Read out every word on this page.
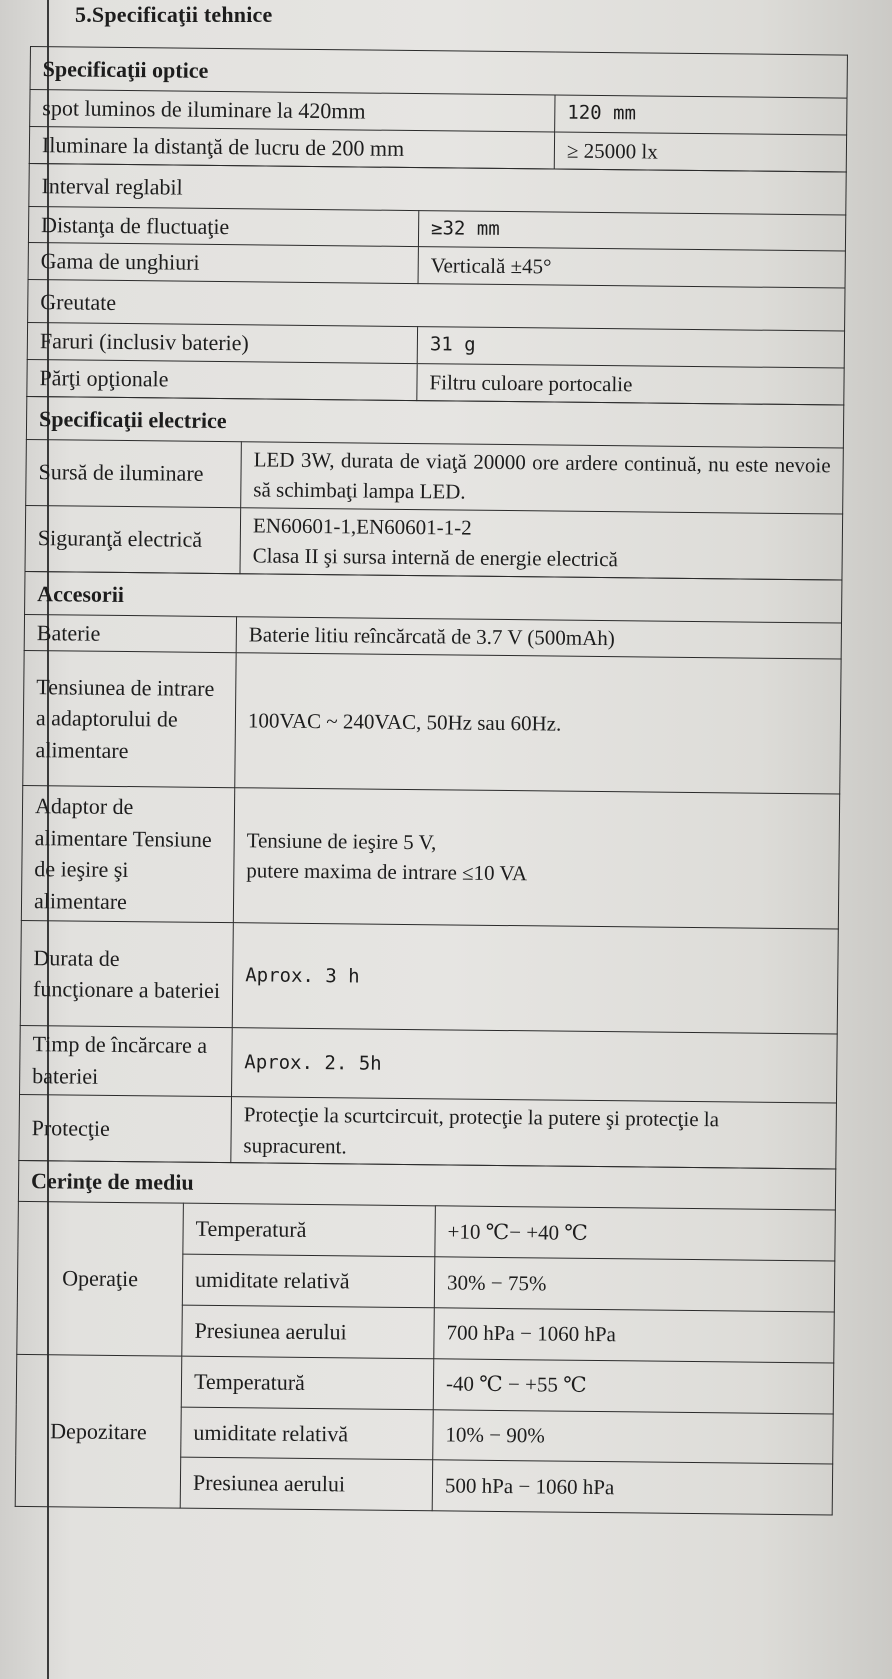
5.Specificaţii tehnice
Specificaţii optice	
spot luminos de iluminare la 420mm	120 mm
Iluminare la distanţă de lucru de 200 mm	≥ 25000 lx
Interval reglabil	
Distanţa de fluctuaţie	≥32 mm
Gama de unghiuri	Verticală ±45°
Greutate	
Faruri (inclusiv baterie)	31 g
Părţi opţionale	Filtru culoare portocalie
Specificaţii electrice	
Sursă de iluminare	LED 3W, durata de viaţă 20000 ore ardere continuă, nu este nevoie să schimbaţi lampa LED.
Siguranţă electrică	EN60601-1,EN60601-1-2
Clasa II şi sursa internă de energie electrică
Accesorii	
Baterie	Baterie litiu reîncărcată de 3.7 V (500mAh)
Tensiunea de intrare a adaptorului de alimentare	100VAC ~ 240VAC, 50Hz sau 60Hz.
Adaptor de alimentare Tensiune de ieşire şi alimentare	Tensiune de ieşire 5 V,
putere maxima de intrare ≤10 VA

Durata de funcţionare a bateriei	Aprox. 3 h
Timp de încărcare a bateriei	Aprox. 2. 5h
Protecţie	Protecţie la scurtcircuit, protecţie la putere şi protecţie la supracurent.
Cerinţe de mediu		
Operaţie	Temperatură	+10 ℃− +40 ℃
	umiditate relativă	30% − 75%
	Presiunea aerului	700 hPa − 1060 hPa
Depozitare	Temperatură	-40 ℃ − +55 ℃
	umiditate relativă	10% − 90%
	Presiunea aerului	500 hPa − 1060 hPa
